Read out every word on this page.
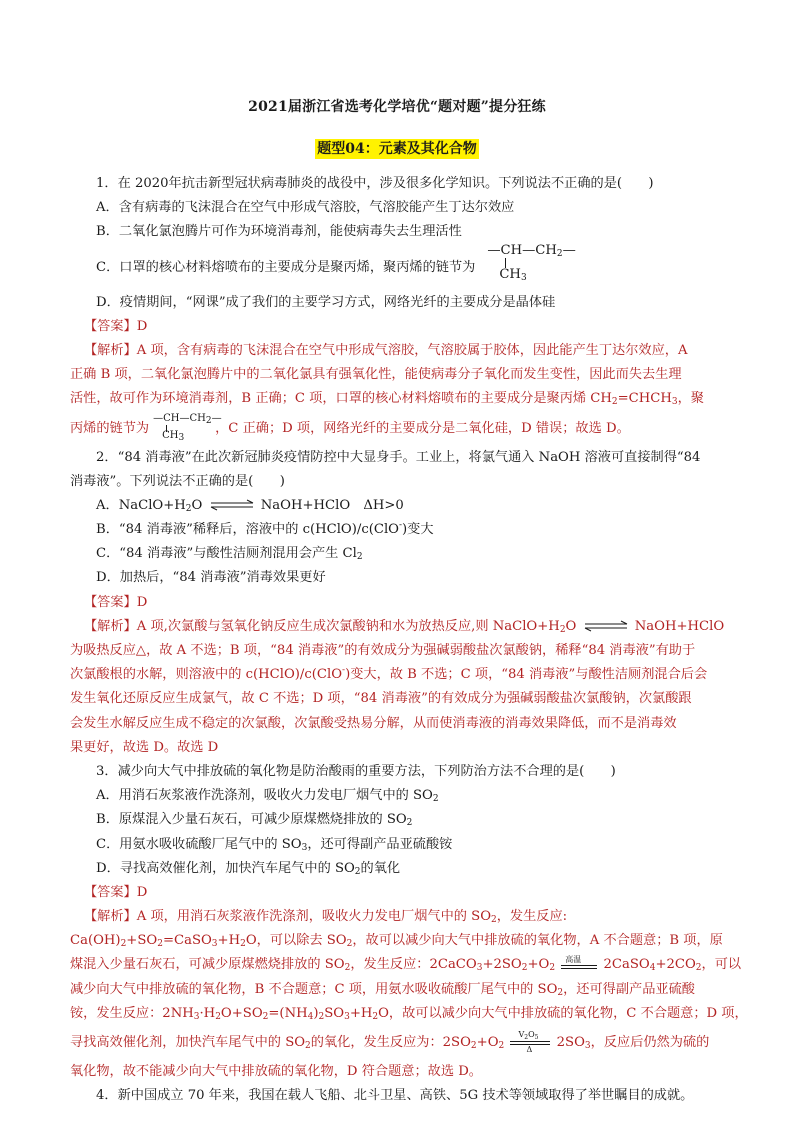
2021届浙江省选考化学培优“题对题”提分狂练
题型04：元素及其化合物
1．在 2020年抗击新型冠状病毒肺炎的战役中，涉及很多化学知识。下列说法不正确的是(　　)
A．含有病毒的飞沫混合在空气中形成气溶胶，气溶胶能产生丁达尔效应
B．二氧化氯泡腾片可作为环境消毒剂，能使病毒失去生理活性
C．口罩的核心材料熔喷布的主要成分是聚丙烯，聚丙烯的链节为
$—CH—CH_2—$
$CH_3$
D．疫情期间，“网课”成了我们的主要学习方式，网络光纤的主要成分是晶体硅
【答案】D
【解析】A 项，含有病毒的飞沫混合在空气中形成气溶胶，气溶胶属于胶体，因此能产生丁达尔效应，A
正确 B 项，二氧化氯泡腾片中的二氧化氯具有强氧化性，能使病毒分子氧化而发生变性，因此而失去生理
活性，故可作为环境消毒剂，B 正确；C 项，口罩的核心材料熔喷布的主要成分是聚丙烯 $CH_2=CHCH_3$，聚
丙烯的链节为
$—CH—CH_2—$
$CH_3$
，C 正确；D 项，网络光纤的主要成分是二氧化硅，D 错误；故选 D。
2．“84 消毒液”在此次新冠肺炎疫情防控中大显身手。工业上，将氯气通入 NaOH 溶液可直接制得“84
消毒液”。下列说法不正确的是(　　)
A．$NaClO+H_2O$ ⇌ NaOH+HClO　ΔH>0
B．“84 消毒液”稀释后，溶液中的 c(HClO)/c(ClO-)变大
C．“84 消毒液”与酸性洁厕剂混用会产生 $Cl_2$
D．加热后，“84 消毒液”消毒效果更好
【答案】D
【解析】A 项,次氯酸与氢氧化钠反应生成次氯酸钠和水为放热反应,则 $NaClO+H_2O$ ⇌ NaOH+HClO
为吸热反应△，故 A 不选；B 项，“84 消毒液”的有效成分为强碱弱酸盐次氯酸钠，稀释“84 消毒液”有助于
次氯酸根的水解，则溶液中的 c(HClO)/c(ClO-)变大，故 B 不选；C 项，“84 消毒液”与酸性洁厕剂混合后会
发生氧化还原反应生成氯气，故 C 不选；D 项，“84 消毒液”的有效成分为强碱弱酸盐次氯酸钠，次氯酸跟
会发生水解反应生成不稳定的次氯酸，次氯酸受热易分解，从而使消毒液的消毒效果降低，而不是消毒效
果更好，故选 D。故选 D
3．减少向大气中排放硫的氧化物是防治酸雨的重要方法，下列防治方法不合理的是(　　)
A．用消石灰浆液作洗涤剂，吸收火力发电厂烟气中的 $SO_2$
B．原煤混入少量石灰石，可减少原煤燃烧排放的 $SO_2$
C．用氨水吸收硫酸厂尾气中的 $SO_3$，还可得副产品亚硫酸铵
D．寻找高效催化剂，加快汽车尾气中的 $SO_2$的氧化
【答案】D
【解析】A 项，用消石灰浆液作洗涤剂，吸收火力发电厂烟气中的 $SO_2$，发生反应:
$Ca(OH)_2+SO_2=CaSO_3+H_2O$，可以除去 $SO_2$，故可以减少向大气中排放硫的氧化物，A 不合题意；B 项，原
煤混入少量石灰石，可减少原煤燃烧排放的 $SO_2$，发生反应：$2CaCO_3+2SO_2+O_2$
高温 $2CaSO_4+2CO_2$，可以
减少向大气中排放硫的氧化物，B 不合题意；C 项，用氨水吸收硫酸厂尾气中的 $SO_2$，还可得副产品亚硫酸
铵，发生反应：$2NH_3\cdot H_2O+SO_2=(NH_4)_2SO_3+H_2O$，故可以减少向大气中排放硫的氧化物，C 不合题意；D 项，
寻找高效催化剂，加快汽车尾气中的 $SO_2$的氧化，发生反应为：$2SO_2+O_2 \frac{V_2O_5}{\Delta} 2SO_3$，反应后仍然为硫的
氧化物，故不能减少向大气中排放硫的氧化物，D 符合题意；故选 D。
4．新中国成立 70 年来，我国在载人飞船、北斗卫星、高铁、5G 技术等领域取得了举世瞩目的成就。
